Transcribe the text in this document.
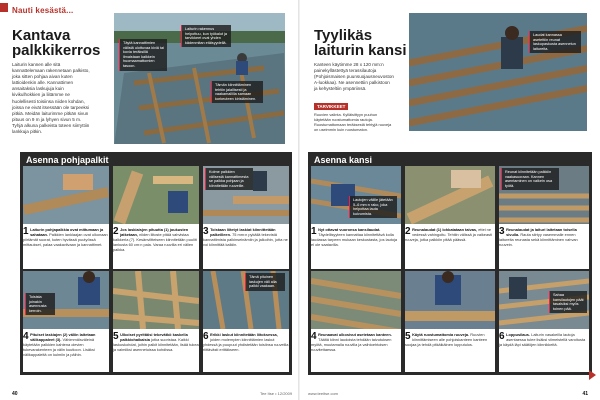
Nauti kesästä...
Kantava
palkkikerros
Laiturin kannen alle sitä kannattelemaan rakennetaan palkisto, joka sitten pohjaa aivan kuten lattioidenkin alle. Kannattimen ansaitaksia laskujuja kuin kivikulhokkien ja liitämme ne huolellisesti toisiinsa niiden kohdan, joissa ne eivät itsessään ole tarpeeksi pitkiä. Meidän laiturimme pitkän sivun pituus on 9 m ja lyhyen sivun 5 m. Tyhjä alkuna palkeista toteen siirryttiin lankkuja pitkin.
Täytä kannattimien välistä ulottuvaa kiviä tai kovia teräksillä ilmaistaan kaikkein huomaamattomien tasoon.
Laiturin rakennus helpottuu, kun työkalut ja tarvikkeet ovat yhden kädenmitan etäisyydellä.
Tämän kiinnittäminen tehtiin jalallisesti ja vaakamallilla samaan korkeuteen kiristäminen.
Asenna pohjapalkit
1 Laiturin pohjapalkkia ovat mittumaan ja sahataan. Palkkien lanklaajan ovat ulkonaan piirtämät suorat, kuten hyvässä puutyössä mittaukset, palaa vaakaviivaan ja kannattimet.
2 Jos laskiaisjen pituutta (1) joukusten jatketaan, niiden liitoste pitää vahvistaa kalkkerla (7). Kesänviltteiseen kiinnitetään puuliit lankusta 60 cm:n pala. Varaa ruuvilla eri välien paikka.
Kolme palkkien välisestä kannattimesta se paikka pohjaan ja kiinnitetään ruuveille.
3 Toistaan liitetyt laskiat kiinnittetään palkeilleen. 75 mm:n pykäliä tekevistä kannattimista palkinseinämiin ja jalkoihin, jotta ne voi kiinnittää kalkiin.
Toisista joinakin asennusta kerroin.
4 Pituiset laskiajen (2) väliin laitetaan välikappaleet (3). Vähimmäisväleinä käytetään palkkien kahtena olevien tukevarakenteen ja välin kuutioon. Lisäksi välikappaleitä on kulmiin ja päihin.
5 Ulkoiset pyrittäisi tekevätkö kaskella palkkiohaikaisia jotka suoristaa. Kaikki laskuskohdat, joihin palkit kiinnitetään, lisää tukea ja valmiiksi asennetuissa kohdissa.
Tämä pituinen laskujen väli alla palkki vaakaan.
6 Erikki laskut kiinnitetään liitoksessa, joiden molempien kiinnittämien laskut yhdessä ja puupuut yhdistetään toisiinsa ruuveilla riittävästi erittäkseen.
40	Tee Itse • 12/2009
Tyylikäs
laiturin kansi
Kanteen käytimme 28 x 120 mm:n painekyllästettyä terassilautoja (Pohjoismaisen puunsuojausneuvoston A-luokkaa). Ne asennettiin palkistoon ja kehysteltiin ympäriinsä.
TARVIKKEET
Ruuvien valinta. Kylläisittyyn puuhun käytetään ruostumattomia rautoja. Ruostumattomaan teräksestä tehtyjä ruuveja on useimmin kuin ruostumaton.
Laudat kannassa asetettiin reunat laskupaskusta asennetun laitureita.
Asenna kansi
Lautojen välille jätetään 5–6 mm:n rako, joka helpottaa lauta kuivumista.
1 Nyt ottavat vuoronsa kansilaudat. Täydellisyyteen kannattaa kiinnitettävä kolla laudassa tarpeen mukaan keskustasta, jos lautoja ei ole saatavilla.
2 Reunalaudat (1) lohkatataan taivas, ettei ne vedessä vahingoitu. Tehtiin välissä ja vaikeasti ruuveja, jotka palkkiin pitää päässä.
Reunat kiinnitetään palkkiin vaakasuoraan. Kannen asentaminen on vaikein osa työtä.
3 Reunalaudat ja laituri laitetaan toisella sivulla. Rauta siirtyy vasemmalle ennen laitureita reunasta sekä kiinnittäminen vahvan ruuvein.
4 Reunaavat ulkosivut asetetaan kanteen. Täältä kiinni laudoista tehdään taivutuksen myötä, muutamalla ruuvilla ja vaihtoehtoisen ruuvitettaessa.
5 Käytä ruostumattomia ruuveja. Ruuvien kiinnittämiseen alle pohjoiskanteen kanteen suojaa ja tehdä pitkäikäinen lopputulos.
Sahaa kansilautojen päät tasaisiksi myös toinen pää.
6 Loppusilaus. Laiturin vasakeilla lautoja asentaessa tulee lisäksi viimeistellä varoitusta ja käydä läpi säätöjen kiinnikkeitä.
www.teeitse.com	41
